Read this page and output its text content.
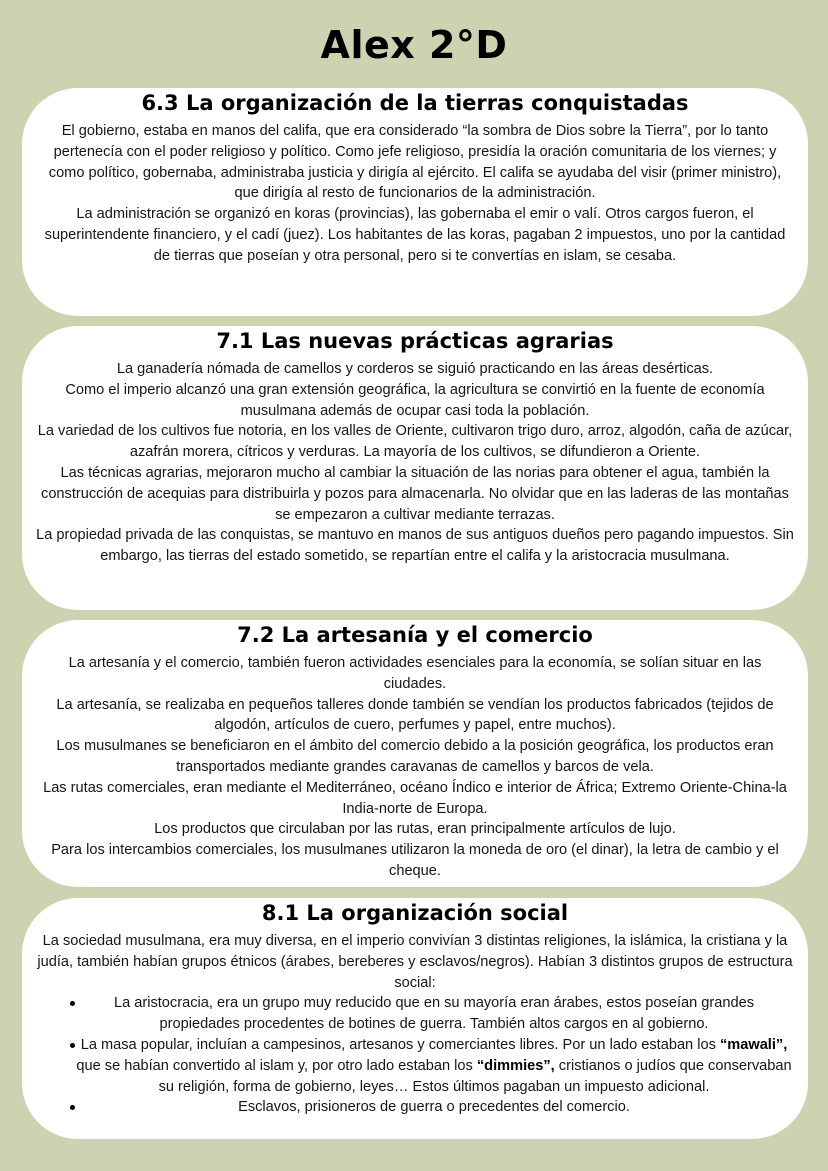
Alex 2°D
6.3 La organización de la tierras conquistadas

El gobierno, estaba en manos del califa, que era considerado “la sombra de Dios sobre la Tierra”, por lo tanto pertenecía con el poder religioso y político. Como jefe religioso, presidía la oración comunitaria de los viernes; y como político, gobernaba, administraba justicia y dirigía al ejército. El califa se ayudaba del visir (primer ministro), que dirigía al resto de funcionarios de la administración.

La administración se organizó en koras (provincias), las gobernaba el emir o valí. Otros cargos fueron, el superintendente financiero, y el cadí (juez). Los habitantes de las koras, pagaban 2 impuestos, uno por la cantidad de tierras que poseían y otra personal, pero si te convertías en islam, se cesaba.

7.1 Las nuevas prácticas agrarias

La ganadería nómada de camellos y corderos se siguió practicando en las áreas desérticas.

Como el imperio alcanzó una gran extensión geográfica, la agricultura se convirtió en la fuente de economía musulmana además de ocupar casi toda la población.

La variedad de los cultivos fue notoria, en los valles de Oriente, cultivaron trigo duro, arroz, algodón, caña de azúcar, azafrán morera, cítricos y verduras. La mayoría de los cultivos, se difundieron a Oriente.

Las técnicas agrarias, mejoraron mucho al cambiar la situación de las norias para obtener el agua, también la construcción de acequias para distribuirla y pozos para almacenarla. No olvidar que en las laderas de las montañas se empezaron a cultivar mediante terrazas.

La propiedad privada de las conquistas, se mantuvo en manos de sus antiguos dueños pero pagando impuestos. Sin embargo, las tierras del estado sometido, se repartían entre el califa y la aristocracia musulmana.

7.2 La artesanía y el comercio

La artesanía y el comercio, también fueron actividades esenciales para la economía, se solían situar en las ciudades.

La artesanía, se realizaba en pequeños talleres donde también se vendían los productos fabricados (tejidos de algodón, artículos de cuero, perfumes y papel, entre muchos).

Los musulmanes se beneficiaron en el ámbito del comercio debido a la posición geográfica, los productos eran transportados mediante grandes caravanas de camellos y barcos de vela.

Las rutas comerciales, eran mediante el Mediterráneo, océano Índico e interior de África; Extremo Oriente-China-la India-norte de Europa.

Los productos que circulaban por las rutas, eran principalmente artículos de lujo.

Para los intercambios comerciales, los musulmanes utilizaron la moneda de oro (el dinar), la letra de cambio y el cheque.

8.1 La organización social

La sociedad musulmana, era muy diversa, en el imperio convivían 3 distintas religiones, la islámica, la cristiana y la judía, también habían grupos étnicos (árabes, bereberes y esclavos/negros). Habían 3 distintos grupos de estructura social:

La aristocracia, era un grupo muy reducido que en su mayoría eran árabes, estos poseían grandes propiedades procedentes de botines de guerra. También altos cargos en al gobierno.
La masa popular, incluían a campesinos, artesanos y comerciantes libres. Por un lado estaban los “mawali”, que se habían convertido al islam y, por otro lado estaban los “dimmies”, cristianos o judíos que conservaban su religión, forma de gobierno, leyes… Estos últimos pagaban un impuesto adicional.
Esclavos, prisioneros de guerra o precedentes del comercio.
